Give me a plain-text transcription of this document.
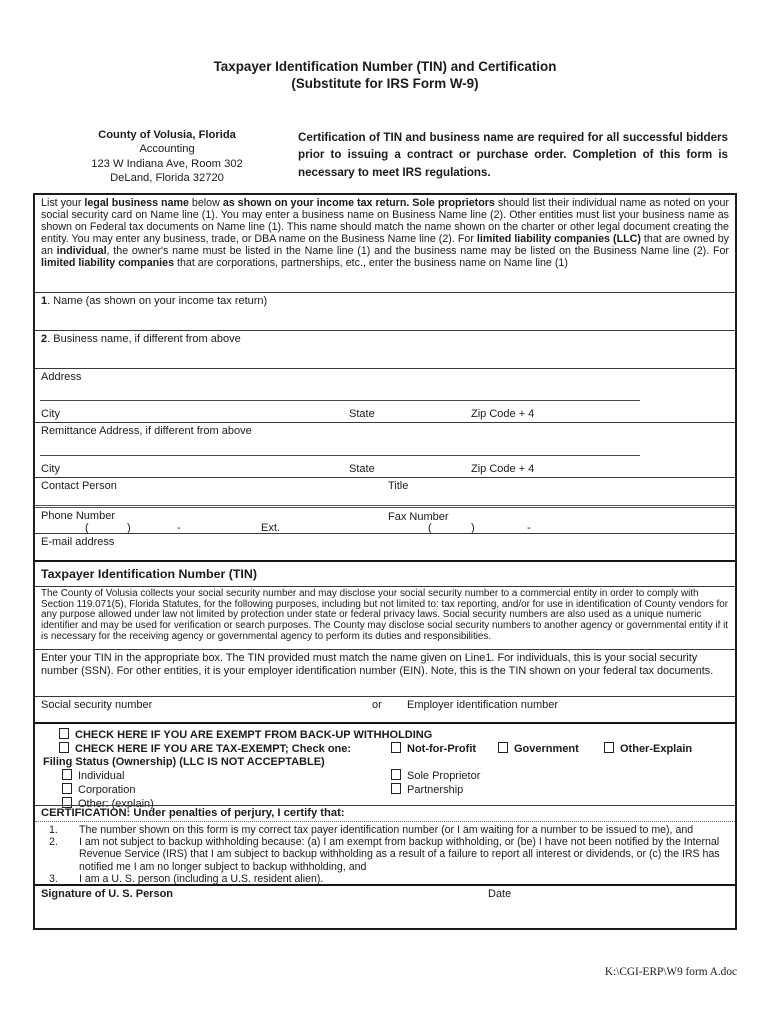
Taxpayer Identification Number (TIN) and Certification
(Substitute for IRS Form W-9)
County of Volusia, Florida
Accounting
123 W Indiana Ave, Room 302
DeLand, Florida 32720
Certification of TIN and business name are required for all successful bidders prior to issuing a contract or purchase order. Completion of this form is necessary to meet IRS regulations.
List your legal business name below as shown on your income tax return. Sole proprietors should list their individual name as noted on your social security card on Name line (1). You may enter a business name on Business Name line (2). Other entities must list your business name as shown on Federal tax documents on Name line (1). This name should match the name shown on the charter or other legal document creating the entity. You may enter any business, trade, or DBA name on the Business Name line (2). For limited liability companies (LLC) that are owned by an individual, the owner's name must be listed in the Name line (1) and the business name may be listed on the Business Name line (2). For limited liability companies that are corporations, partnerships, etc., enter the business name on Name line (1)
1. Name (as shown on your income tax return)
2. Business name, if different from above
Address
City	State	Zip Code + 4
Remittance Address, if different from above
City	State	Zip Code + 4
Contact Person	Title
Phone Number	Fax Number
(	)	-	Ext.	(	)	-
E-mail address
Taxpayer Identification Number (TIN)
The County of Volusia collects your social security number and may disclose your social security number to a commercial entity in order to comply with Section 119.071(5), Florida Statutes, for the following purposes, including but not limited to: tax reporting, and/or for use in identification of County vendors for any purpose allowed under law not limited by protection under state or federal privacy laws. Social security numbers are also used as a unique numeric identifier and may be used for verification or search purposes. The County may disclose social security numbers to another agency or governmental entity if it is necessary for the receiving agency or governmental agency to perform its duties and responsibilities.
Enter your TIN in the appropriate box. The TIN provided must match the name given on Line1. For individuals, this is your social security number (SSN). For other entities, it is your employer identification number (EIN). Note, this is the TIN shown on your federal tax documents.
Social security number	or Employer identification number
CHECK HERE IF YOU ARE EXEMPT FROM BACK-UP WITHHOLDING
CHECK HERE IF YOU ARE TAX-EXEMPT; Check one:	Not-for-Profit	Government	Other-Explain
Filing Status (Ownership) (LLC IS NOT ACCEPTABLE)
Individual	Sole Proprietor
Corporation	Partnership
Other: (explain)
CERTIFICATION: Under penalties of perjury, I certify that:
1.	The number shown on this form is my correct tax payer identification number (or I am waiting for a number to be issued to me), and
2.	I am not subject to backup withholding because: (a) I am exempt from backup withholding, or (be) I have not been notified by the Internal Revenue Service (IRS) that I am subject to backup withholding as a result of a failure to report all interest or dividends, or (c) the IRS has notified me I am no longer subject to backup withholding, and
3.	I am a U. S. person (including a U.S. resident alien).
Signature of U. S. Person	Date
K:\CGI-ERP\W9 form A.doc
